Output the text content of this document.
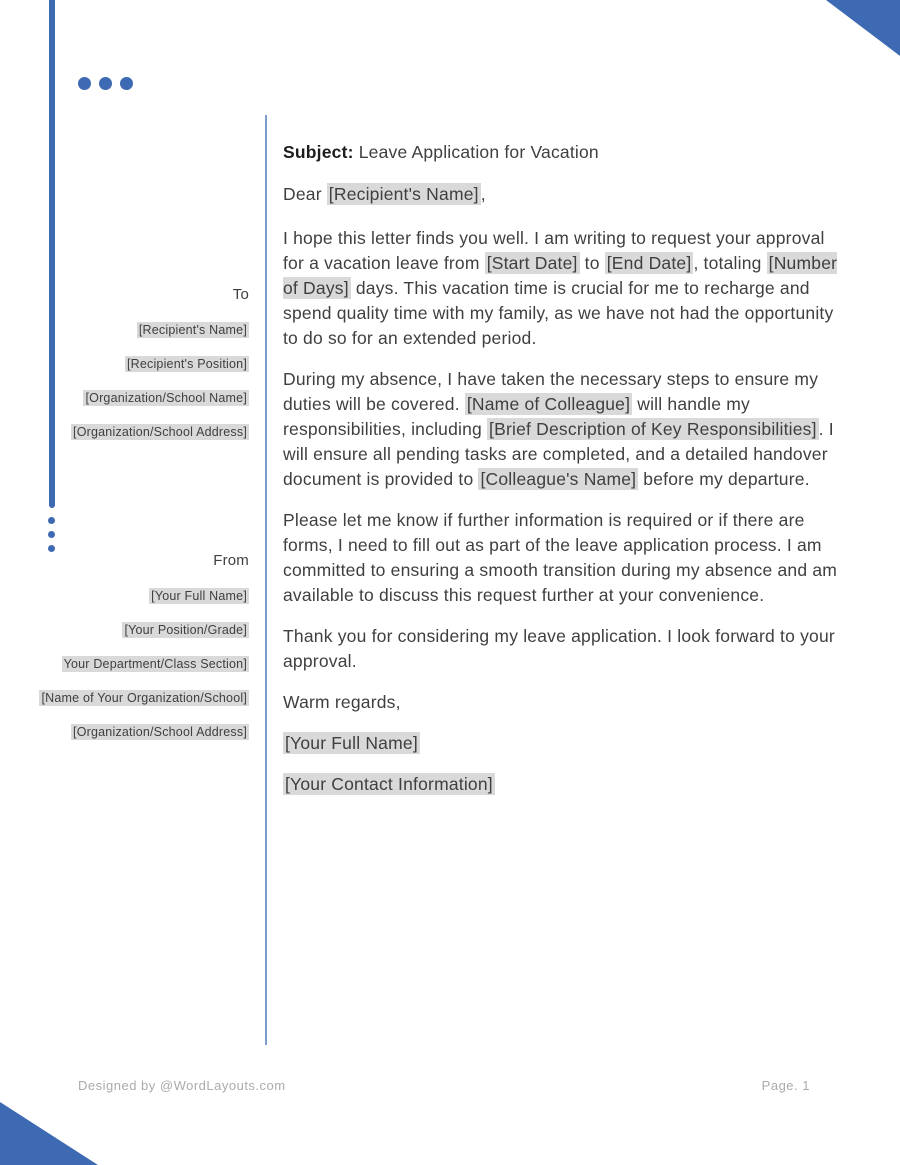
To
[Recipient's Name]
[Recipient's Position]
[Organization/School Name]
[Organization/School Address]
From
[Your Full Name]
[Your Position/Grade]
Your Department/Class Section]
[Name of Your Organization/School]
[Organization/School Address]

Subject: Leave Application for Vacation

Dear [Recipient's Name] ,

I hope this letter finds you well. I am writing to request your approval for a vacation leave from [Start Date] to [End Date] , totaling [Number of Days] days. This vacation time is crucial for me to recharge and spend quality time with my family, as we have not had the opportunity to do so for an extended period.

During my absence, I have taken the necessary steps to ensure my duties will be covered. [Name of Colleague] will handle my responsibilities, including [Brief Description of Key Responsibilities] . I will ensure all pending tasks are completed, and a detailed handover document is provided to [Colleague's Name] before my departure.

Please let me know if further information is required or if there are forms, I need to fill out as part of the leave application process. I am committed to ensuring a smooth transition during my absence and am available to discuss this request further at your convenience.

Thank you for considering my leave application. I look forward to your approval.

Warm regards,

[Your Full Name]

[Your Contact Information]

Designed by @WordLayouts.com	Page. 1
